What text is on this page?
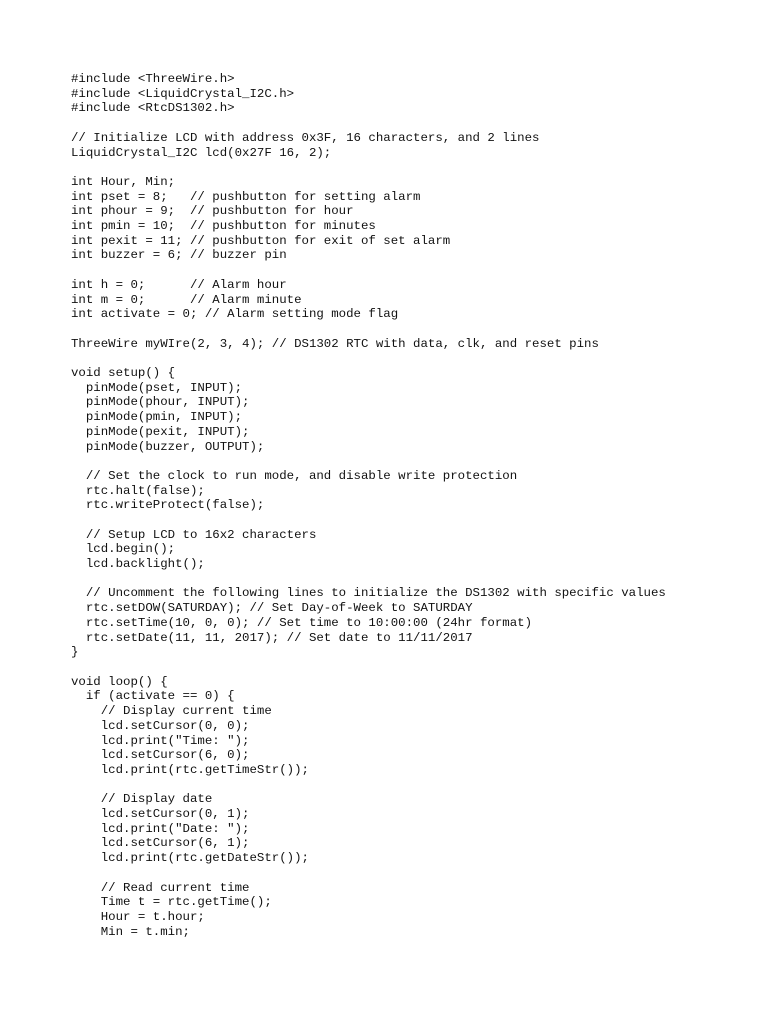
#include <ThreeWire.h>
#include <LiquidCrystal_I2C.h>
#include <RtcDS1302.h>
// Initialize LCD with address 0x3F, 16 characters, and 2 lines
LiquidCrystal_I2C lcd(0x27F 16, 2);
int Hour, Min;
int pset = 8;   // pushbutton for setting alarm
int phour = 9;  // pushbutton for hour
int pmin = 10;  // pushbutton for minutes
int pexit = 11; // pushbutton for exit of set alarm
int buzzer = 6; // buzzer pin
int h = 0;      // Alarm hour
int m = 0;      // Alarm minute
int activate = 0; // Alarm setting mode flag
ThreeWire myWIre(2, 3, 4); // DS1302 RTC with data, clk, and reset pins
void setup() {
pinMode(pset, INPUT);
pinMode(phour, INPUT);
pinMode(pmin, INPUT);
pinMode(pexit, INPUT);
pinMode(buzzer, OUTPUT);
// Set the clock to run mode, and disable write protection
rtc.halt(false);
rtc.writeProtect(false);
// Setup LCD to 16x2 characters
lcd.begin();
lcd.backlight();
// Uncomment the following lines to initialize the DS1302 with specific values
rtc.setDOW(SATURDAY); // Set Day-of-Week to SATURDAY
rtc.setTime(10, 0, 0); // Set time to 10:00:00 (24hr format)
rtc.setDate(11, 11, 2017); // Set date to 11/11/2017
}
void loop() {
if (activate == 0) {
// Display current time
lcd.setCursor(0, 0);
lcd.print("Time: ");
lcd.setCursor(6, 0);
lcd.print(rtc.getTimeStr());
// Display date
lcd.setCursor(0, 1);
lcd.print("Date: ");
lcd.setCursor(6, 1);
lcd.print(rtc.getDateStr());
// Read current time
Time t = rtc.getTime();
Hour = t.hour;
Min = t.min;
